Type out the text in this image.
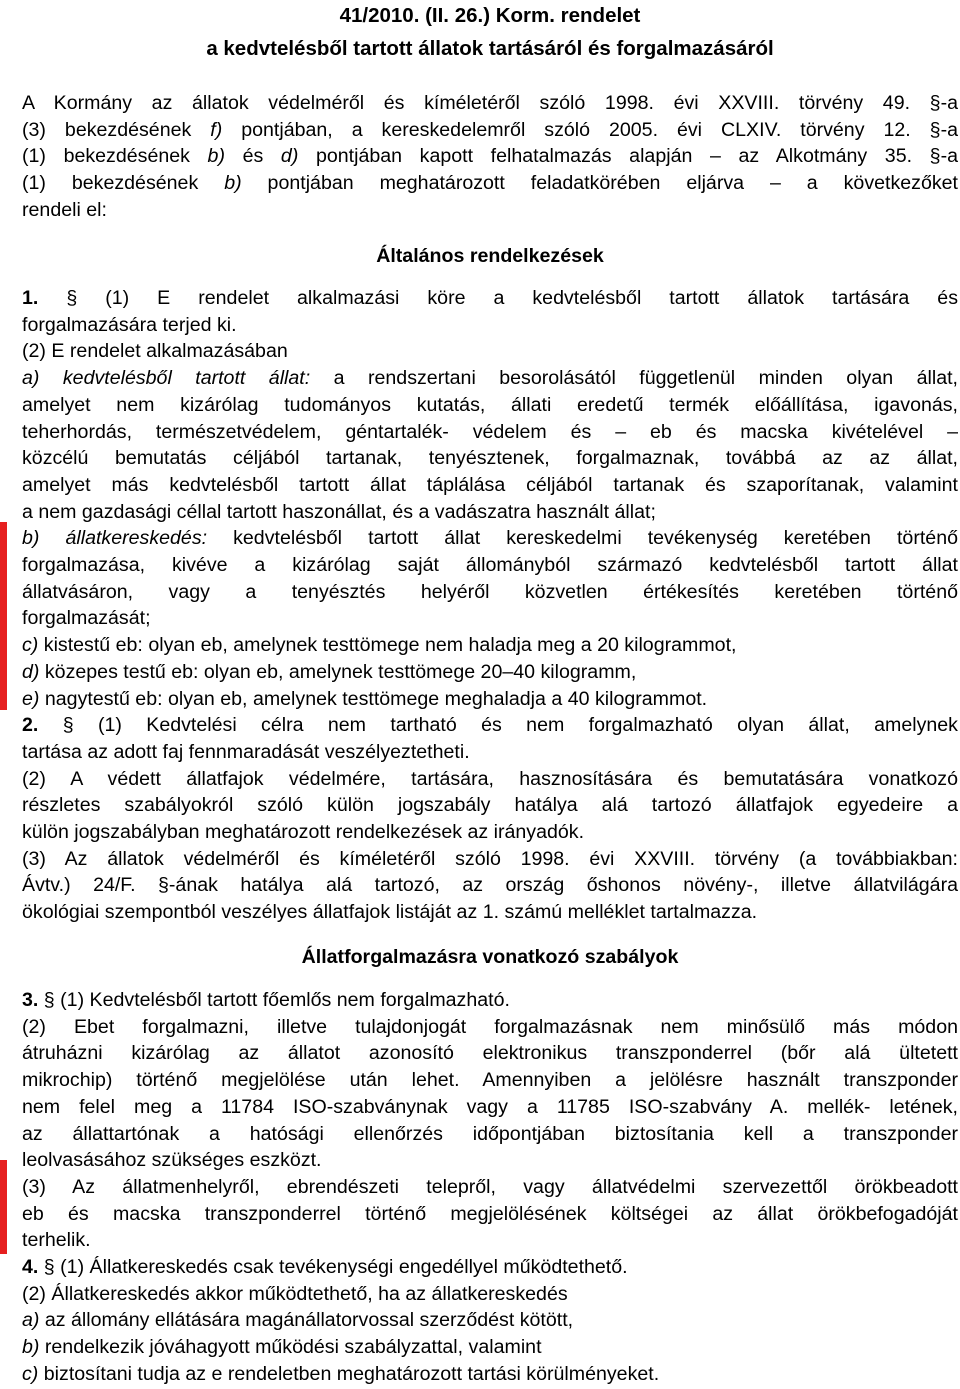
41/2010. (II. 26.) Korm. rendelet
a kedvtelésből tartott állatok tartásáról és forgalmazásáról
A Kormány az állatok védelméről és kíméletéről szóló 1998. évi XXVIII. törvény 49. §-a
(3) bekezdésének f) pontjában, a kereskedelemről szóló 2005. évi CLXIV. törvény 12. §-a
(1) bekezdésének b) és d) pontjában kapott felhatalmazás alapján – az Alkotmány 35. §-a
(1) bekezdésének b) pontjában meghatározott feladatkörében eljárva – a következőket
rendeli el:
Általános rendelkezések
1. § (1) E rendelet alkalmazási köre a kedvtelésből tartott állatok tartására és
forgalmazására terjed ki.
(2) E rendelet alkalmazásában
a) kedvtelésből tartott állat: a rendszertani besorolásától függetlenül minden olyan állat,
amelyet nem kizárólag tudományos kutatás, állati eredetű termék előállítása, igavonás,
teherhordás, természetvédelem, géntartalék- védelem és – eb és macska kivételével –
közcélú bemutatás céljából tartanak, tenyésztenek, forgalmaznak, továbbá az az állat,
amelyet más kedvtelésből tartott állat táplálása céljából tartanak és szaporítanak, valamint
a nem gazdasági céllal tartott haszonállat, és a vadászatra használt állat;
b) állatkereskedés: kedvtelésből tartott állat kereskedelmi tevékenység keretében történő
forgalmazása, kivéve a kizárólag saját állományból származó kedvtelésből tartott állat
állatvásáron, vagy a tenyésztés helyéről közvetlen értékesítés keretében történő
forgalmazását;
c) kistestű eb: olyan eb, amelynek testtömege nem haladja meg a 20 kilogrammot,
d) közepes testű eb: olyan eb, amelynek testtömege 20–40 kilogramm,
e) nagytestű eb: olyan eb, amelynek testtömege meghaladja a 40 kilogrammot.
2. § (1) Kedvtelési célra nem tartható és nem forgalmazható olyan állat, amelynek
tartása az adott faj fennmaradását veszélyeztetheti.
(2) A védett állatfajok védelmére, tartására, hasznosítására és bemutatására vonatkozó
részletes szabályokról szóló külön jogszabály hatálya alá tartozó állatfajok egyedeire a
külön jogszabályban meghatározott rendelkezések az irányadók.
(3) Az állatok védelméről és kíméletéről szóló 1998. évi XXVIII. törvény (a továbbiakban:
Ávtv.) 24/F. §-ának hatálya alá tartozó, az ország őshonos növény-, illetve állatvilágára
ökológiai szempontból veszélyes állatfajok listáját az 1. számú melléklet tartalmazza.
Állatforgalmazásra vonatkozó szabályok
3. § (1) Kedvtelésből tartott főemlős nem forgalmazható.
(2) Ebet forgalmazni, illetve tulajdonjogát forgalmazásnak nem minősülő más módon
átruházni kizárólag az állatot azonosító elektronikus transzponderrel (bőr alá ültetett
mikrochip) történő megjelölése után lehet. Amennyiben a jelölésre használt transzponder
nem felel meg a 11784 ISO-szabványnak vagy a 11785 ISO-szabvány A. mellék- letének,
az állattartónak a hatósági ellenőrzés időpontjában biztosítania kell a transzponder
leolvasásához szükséges eszközt.
(3) Az állatmenhelyről, ebrendészeti telepről, vagy állatvédelmi szervezettől örökbeadott
eb és macska transzponderrel történő megjelölésének költségei az állat örökbefogadóját
terhelik.
4. § (1) Állatkereskedés csak tevékenységi engedéllyel működtethető.
(2) Állatkereskedés akkor működtethető, ha az állatkereskedés
a) az állomány ellátására magánállatorvossal szerződést kötött,
b) rendelkezik jóváhagyott működési szabályzattal, valamint
c) biztosítani tudja az e rendeletben meghatározott tartási körülményeket.
